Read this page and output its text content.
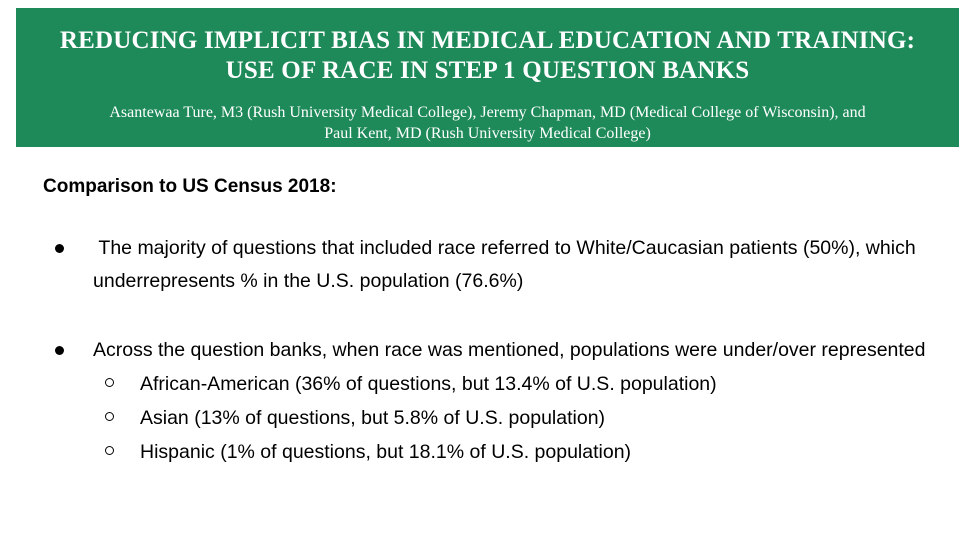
REDUCING IMPLICIT BIAS IN MEDICAL EDUCATION AND TRAINING:
USE OF RACE IN STEP 1 QUESTION BANKS
Asantewaa Ture, M3 (Rush University Medical College), Jeremy Chapman, MD (Medical College of Wisconsin), and
Paul Kent, MD (Rush University Medical College)
Comparison to US Census 2018:
The majority of questions that included race referred to White/Caucasian patients (50%), which underrepresents % in the U.S. population (76.6%)
Across the question banks, when race was mentioned, populations were under/over represented
African-American (36% of questions, but 13.4% of U.S. population)
Asian (13% of questions, but 5.8% of U.S. population)
Hispanic (1% of questions, but 18.1% of U.S. population)
